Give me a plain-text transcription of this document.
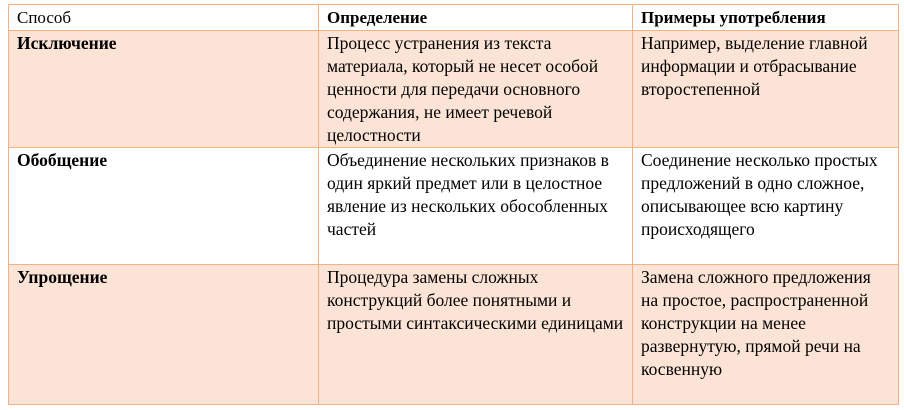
Способ	Определение	Примеры употребления
Исключение	Процесс устранения из текста материала, который не несет особой ценности для передачи основного содержания, не имеет речевой целостности	Например, выделение главной информации и отбрасывание второстепенной
Обобщение	Объединение нескольких признаков в один яркий предмет или в целостное явление из нескольких обособленных частей	Соединение несколько простых предложений в одно сложное, описывающее всю картину происходящего
Упрощение	Процедура замены сложных конструкций более понятными и простыми синтаксическими единицами	Замена сложного предложения на простое, распространенной конструкции на менее развернутую, прямой речи на косвенную
